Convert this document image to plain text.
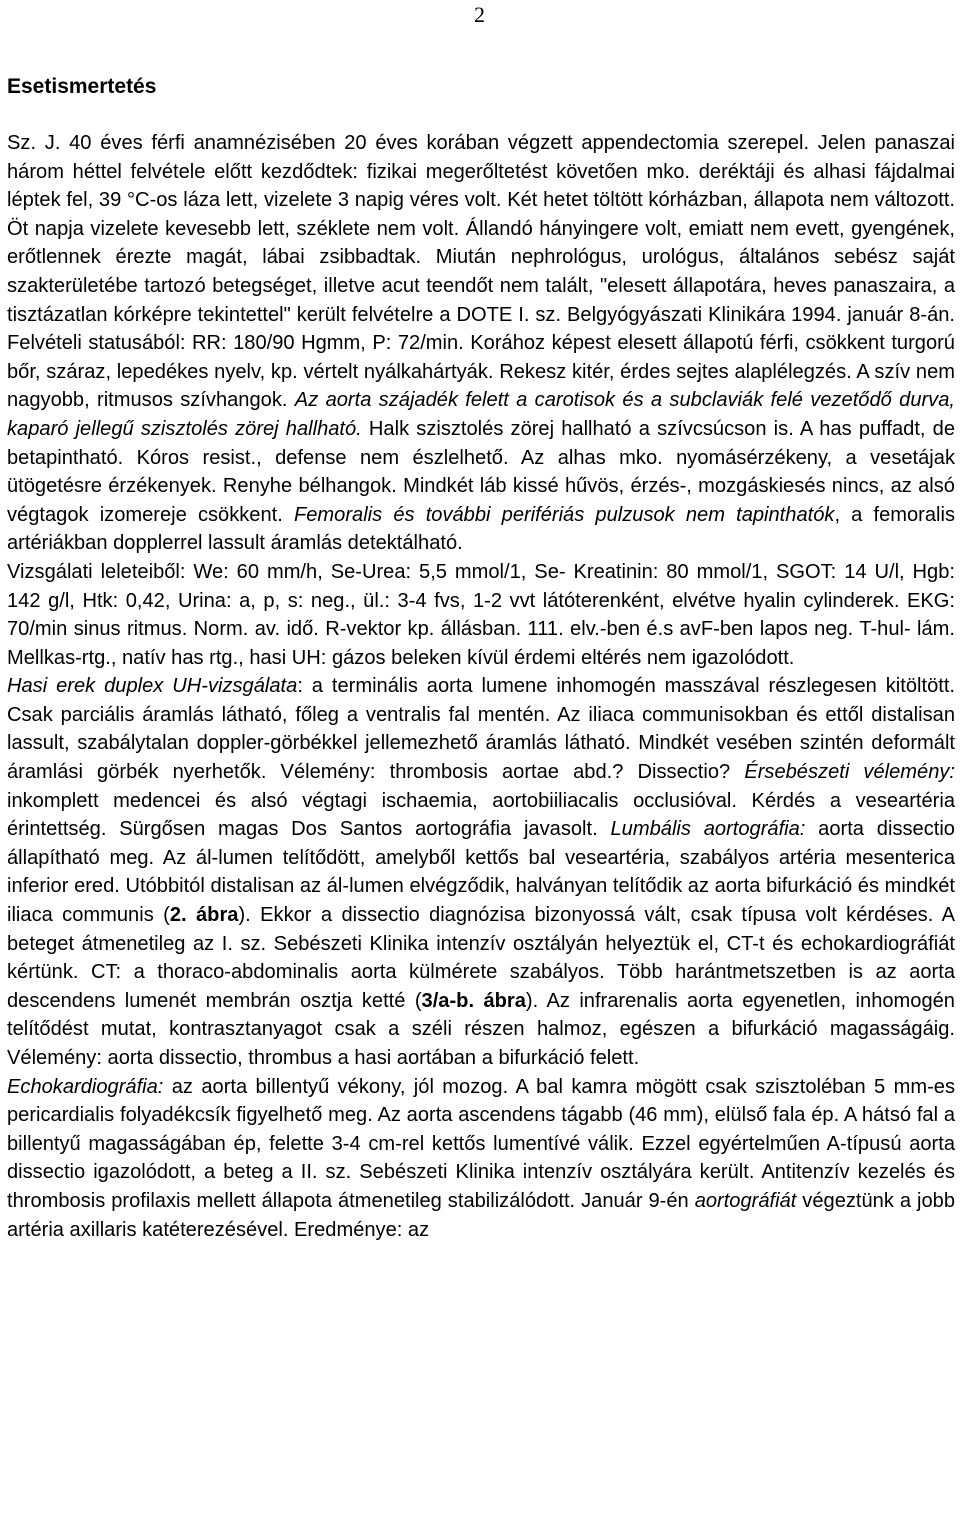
2
Esetismertetés

Sz. J. 40 éves férfi anamnézisében 20 éves korában végzett appendectomia szerepel. Jelen panaszai három héttel felvétele előtt kezdődtek: fizikai megerőltetést követően mko. deréktáji és alhasi fájdalmai léptek fel, 39 °C-os láza lett, vizelete 3 napig véres volt. Két hetet töltött kórházban, állapota nem változott. Öt napja vizelete kevesebb lett, széklete nem volt. Állandó hányingere volt, emiatt nem evett, gyengének, erőtlennek érezte magát, lábai zsibbadtak. Miután nephrológus, urológus, általános sebész saját szakterületébe tartozó betegséget, illetve acut teendőt nem talált, "elesett állapotára, heves panaszaira, a tisztázatlan kórképre tekintettel" került felvételre a DOTE I. sz. Belgyógyászati Klinikára 1994. január 8-án. Felvételi statusából: RR: 180/90 Hgmm, P: 72/min. Korához képest elesett állapotú férfi, csökkent turgorú bőr, száraz, lepedékes nyelv, kp. vértelt nyálkahártyák. Rekesz kitér, érdes sejtes alaplélegzés. A szív nem nagyobb, ritmusos szívhangok. Az aorta szájadék felett a carotisok és a subclaviák felé vezetődő durva, kaparó jellegű szisztolés zörej hallható. Halk szisztolés zörej hallható a szívcsúcson is. A has puffadt, de betapintható. Kóros resist., defense nem észlelhető. Az alhas mko. nyomásérzékeny, a vesetájak ütögetésre érzékenyek. Renyhe bélhangok. Mindkét láb kissé hűvös, érzés-, mozgáskiesés nincs, az alsó végtagok izomereje csökkent. Femoralis és további perifériás pulzusok nem tapinthatók, a femoralis artériákban dopplerrel lassult áramlás detektálható.
Vizsgálati leleteiből: We: 60 mm/h, Se-Urea: 5,5 mmol/1, Se- Kreatinin: 80 mmol/1, SGOT: 14 U/l, Hgb: 142 g/l, Htk: 0,42, Urina: a, p, s: neg., ül.: 3-4 fvs, 1-2 vvt látóterenként, elvétve hyalin cylinderek. EKG: 70/min sinus ritmus. Norm. av. idő. R-vektor kp. állásban. 111. elv.-ben é.s avF-ben lapos neg. T-hul- lám. Mellkas-rtg., natív has rtg., hasi UH: gázos beleken kívül érdemi eltérés nem igazolódott.
Hasi erek duplex UH-vizsgálata: a terminális aorta lumene inhomogén masszával részlegesen kitöltött. Csak parciális áramlás látható, főleg a ventralis fal mentén. Az iliaca communisokban és ettől distalisan lassult, szabálytalan doppler-görbékkel jellemezhető áramlás látható. Mindkét vesében szintén deformált áramlási görbék nyerhetők. Vélemény: thrombosis aortae abd.? Dissectio? Érsebészeti vélemény: inkomplett medencei és alsó végtagi ischaemia, aortobiiliacalis occlusióval. Kérdés a veseartéria érintettség. Sürgősen magas Dos Santos aortográfia javasolt. Lumbális aortográfia: aorta dissectio állapítható meg. Az ál-lumen telítődött, amelyből kettős bal veseartéria, szabályos artéria mesenterica inferior ered. Utóbbitól distalisan az ál-lumen elvégződik, halványan telítődik az aorta bifurkáció és mindkét iliaca communis (2. ábra). Ekkor a dissectio diagnózisa bizonyossá vált, csak típusa volt kérdéses. A beteget átmenetileg az I. sz. Sebészeti Klinika intenzív osztályán helyeztük el, CT-t és echokardiográfiát kértünk. CT: a thoraco-abdominalis aorta külmérete szabályos. Több harántmetszetben is az aorta descendens lumenét membrán osztja ketté (3/a-b. ábra). Az infrarenalis aorta egyenetlen, inhomogén telítődést mutat, kontrasztanyagot csak a széli részen halmoz, egészen a bifurkáció magasságáig. Vélemény: aorta dissectio, thrombus a hasi aortában a bifurkáció felett.
Echokardiográfia: az aorta billentyű vékony, jól mozog. A bal kamra mögött csak szisztoléban 5 mm-es pericardialis folyadékcsík figyelhető meg. Az aorta ascendens tágabb (46 mm), elülső fala ép. A hátsó fal a billentyű magasságában ép, felette 3-4 cm-rel kettős lumentívé válik. Ezzel egyértelműen A-típusú aorta dissectio igazolódott, a beteg a II. sz. Sebészeti Klinika intenzív osztályára került. Antitenzív kezelés és thrombosis profilaxis mellett állapota átmenetileg stabilizálódott. Január 9-én aortográfiát végeztünk a jobb artéria axillaris katéterezésével. Eredménye: az
